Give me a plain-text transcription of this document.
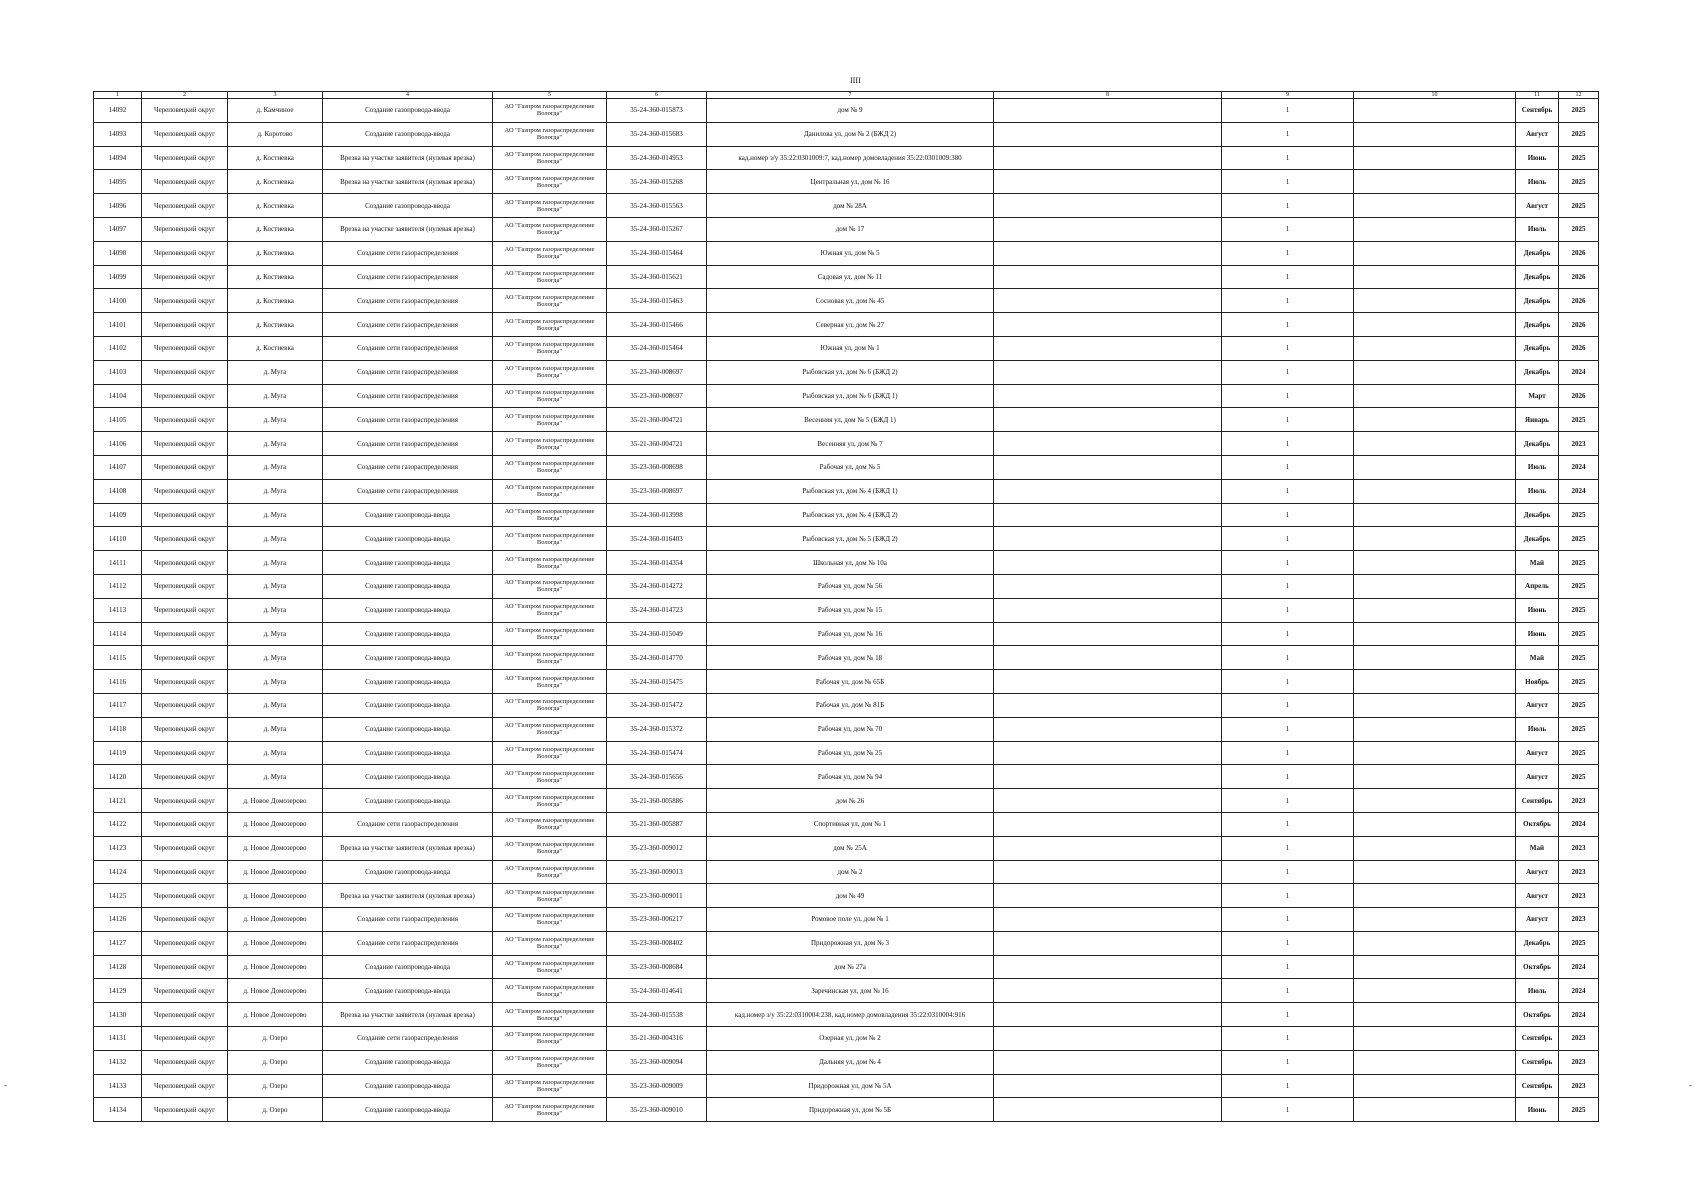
IIII
1	2	3	4	5	6	7	8	9	10	11	12
14092	Череповецкий округ	д. Камчиное	Создание газопровода-ввода	АО "Газпром газораспределение Вологда"	35-24-360-015873	дом № 9		1		Сентябрь	2025
14093	Череповецкий округ	д. Коротово	Создание газопровода-ввода	АО "Газпром газораспределение Вологда"	35-24-360-015683	Данилова ул, дом № 2 (БЖД 2)		1		Август	2025
14094	Череповецкий округ	д. Костиевка	Врезка на участке заявителя (нулевая врезка)	АО "Газпром газораспределение Вологда"	35-24-360-014953	кад.номер з/у 35:22:0301009:7, кад.номер домовладения 35:22:0301009:380		1		Июнь	2025
14095	Череповецкий округ	д. Костиевка	Врезка на участке заявителя (нулевая врезка)	АО "Газпром газораспределение Вологда"	35-24-360-015268	Центральная ул, дом № 16		1		Июль	2025
14096	Череповецкий округ	д. Костиевка	Создание газопровода-ввода	АО "Газпром газораспределение Вологда"	35-24-360-015563	дом № 28А		1		Август	2025
14097	Череповецкий округ	д. Костиевка	Врезка на участке заявителя (нулевая врезка)	АО "Газпром газораспределение Вологда"	35-24-360-015267	дом № 17		1		Июль	2025
14098	Череповецкий округ	д. Костиевка	Создание сети газораспределения	АО "Газпром газораспределение Вологда"	35-24-360-015464	Южная ул, дом № 5		1		Декабрь	2026
14099	Череповецкий округ	д. Костиевка	Создание сети газораспределения	АО "Газпром газораспределение Вологда"	35-24-360-015621	Садовая ул, дом № 11		1		Декабрь	2026
14100	Череповецкий округ	д. Костиевка	Создание сети газораспределения	АО "Газпром газораспределение Вологда"	35-24-360-015463	Сосновая ул, дом № 45		1		Декабрь	2026
14101	Череповецкий округ	д. Костиевка	Создание сети газораспределения	АО "Газпром газораспределение Вологда"	35-24-360-015466	Северная ул, дом № 27		1		Декабрь	2026
14102	Череповецкий округ	д. Костиевка	Создание сети газораспределения	АО "Газпром газораспределение Вологда"	35-24-360-015464	Южная ул, дом № 1		1		Декабрь	2026
14103	Череповецкий округ	д. Муга	Создание сети газораспределения	АО "Газпром газораспределение Вологда"	35-23-360-008697	Рыбовская ул, дом № 6 (БЖД 2)		1		Декабрь	2024
14104	Череповецкий округ	д. Муга	Создание сети газораспределения	АО "Газпром газораспределение Вологда"	35-23-360-008697	Рыбовская ул, дом № 6 (БЖД 1)		1		Март	2026
14105	Череповецкий округ	д. Муга	Создание сети газораспределения	АО "Газпром газораспределение Вологда"	35-21-360-004721	Весенняя ул, дом № 5 (БЖД 1)		1		Январь	2025
14106	Череповецкий округ	д. Муга	Создание сети газораспределения	АО "Газпром газораспределение Вологда"	35-21-360-004721	Весенняя ул, дом № 7		1		Декабрь	2023
14107	Череповецкий округ	д. Муга	Создание сети газораспределения	АО "Газпром газораспределение Вологда"	35-23-360-008698	Рабочая ул, дом № 5		1		Июль	2024
14108	Череповецкий округ	д. Муга	Создание сети газораспределения	АО "Газпром газораспределение Вологда"	35-23-360-008697	Рыбовская ул, дом № 4 (БЖД 1)		1		Июль	2024
14109	Череповецкий округ	д. Муга	Создание газопровода-ввода	АО "Газпром газораспределение Вологда"	35-24-360-013998	Рыбовская ул, дом № 4 (БЖД 2)		1		Декабрь	2025
14110	Череповецкий округ	д. Муга	Создание газопровода-ввода	АО "Газпром газораспределение Вологда"	35-24-360-016403	Рыбовская ул, дом № 5 (БЖД 2)		1		Декабрь	2025
14111	Череповецкий округ	д. Муга	Создание газопровода-ввода	АО "Газпром газораспределение Вологда"	35-24-360-014354	Школьная ул, дом № 10а		1		Май	2025
14112	Череповецкий округ	д. Муга	Создание газопровода-ввода	АО "Газпром газораспределение Вологда"	35-24-360-014272	Рабочая ул, дом № 56		1		Апрель	2025
14113	Череповецкий округ	д. Муга	Создание газопровода-ввода	АО "Газпром газораспределение Вологда"	35-24-360-014723	Рабочая ул, дом № 15		1		Июнь	2025
14114	Череповецкий округ	д. Муга	Создание газопровода-ввода	АО "Газпром газораспределение Вологда"	35-24-360-015049	Рабочая ул, дом № 16		1		Июнь	2025
14115	Череповецкий округ	д. Муга	Создание газопровода-ввода	АО "Газпром газораспределение Вологда"	35-24-360-014770	Рабочая ул, дом № 18		1		Май	2025
14116	Череповецкий округ	д. Муга	Создание газопровода-ввода	АО "Газпром газораспределение Вологда"	35-24-360-015475	Рабочая ул, дом № 65Б		1		Ноябрь	2025
14117	Череповецкий округ	д. Муга	Создание газопровода-ввода	АО "Газпром газораспределение Вологда"	35-24-360-015472	Рабочая ул, дом № 81Б		1		Август	2025
14118	Череповецкий округ	д. Муга	Создание газопровода-ввода	АО "Газпром газораспределение Вологда"	35-24-360-015372	Рабочая ул, дом № 70		1		Июль	2025
14119	Череповецкий округ	д. Муга	Создание газопровода-ввода	АО "Газпром газораспределение Вологда"	35-24-360-015474	Рабочая ул, дом № 25		1		Август	2025
14120	Череповецкий округ	д. Муга	Создание газопровода-ввода	АО "Газпром газораспределение Вологда"	35-24-360-015656	Рабочая ул, дом № 94		1		Август	2025
14121	Череповецкий округ	д. Новое Домозерово	Создание газопровода-ввода	АО "Газпром газораспределение Вологда"	35-21-360-005886	дом № 26		1		Сентябрь	2023
14122	Череповецкий округ	д. Новое Домозерово	Создание сети газораспределения	АО "Газпром газораспределение Вологда"	35-21-360-005887	Спортивная ул, дом № 1		1		Октябрь	2024
14123	Череповецкий округ	д. Новое Домозерово	Врезка на участке заявителя (нулевая врезка)	АО "Газпром газораспределение Вологда"	35-23-360-009012	дом № 25А		1		Май	2023
14124	Череповецкий округ	д. Новое Домозерово	Создание газопровода-ввода	АО "Газпром газораспределение Вологда"	35-23-360-009013	дом № 2		1		Август	2023
14125	Череповецкий округ	д. Новое Домозерово	Врезка на участке заявителя (нулевая врезка)	АО "Газпром газораспределение Вологда"	35-23-360-009011	дом № 49		1		Август	2023
14126	Череповецкий округ	д. Новое Домозерово	Создание сети газораспределения	АО "Газпром газораспределение Вологда"	35-23-360-006217	Ромовое поле ул, дом № 1		1		Август	2023
14127	Череповецкий округ	д. Новое Домозерово	Создание сети газораспределения	АО "Газпром газораспределение Вологда"	35-23-360-008402	Придорожная ул, дом № 3		1		Декабрь	2025
14128	Череповецкий округ	д. Новое Домозерово	Создание газопровода-ввода	АО "Газпром газораспределение Вологда"	35-23-360-008684	дом № 27а		1		Октябрь	2024
14129	Череповецкий округ	д. Новое Домозерово	Создание газопровода-ввода	АО "Газпром газораспределение Вологда"	35-24-360-014641	Заречинская ул, дом № 16		1		Июль	2024
14130	Череповецкий округ	д. Новое Домозерово	Врезка на участке заявителя (нулевая врезка)	АО "Газпром газораспределение Вологда"	35-24-360-015538	кад.номер з/у 35:22:0310004:238, кад.номер домовладения 35:22:0310004:916		1		Октябрь	2024
14131	Череповецкий округ	д. Озеро	Создание сети газораспределения	АО "Газпром газораспределение Вологда"	35-21-360-004316	Озерная ул, дом № 2		1		Сентябрь	2023
14132	Череповецкий округ	д. Озеро	Создание газопровода-ввода	АО "Газпром газораспределение Вологда"	35-23-360-009094	Дальняя ул, дом № 4		1		Сентябрь	2023
14133	Череповецкий округ	д. Озеро	Создание газопровода-ввода	АО "Газпром газораспределение Вологда"	35-23-360-009009	Придорожная ул, дом № 5А		1		Сентябрь	2023
14134	Череповецкий округ	д. Озеро	Создание газопровода-ввода	АО "Газпром газораспределение Вологда"	35-23-360-009010	Придорожная ул, дом № 5Б		1		Июнь	2025
-	-
